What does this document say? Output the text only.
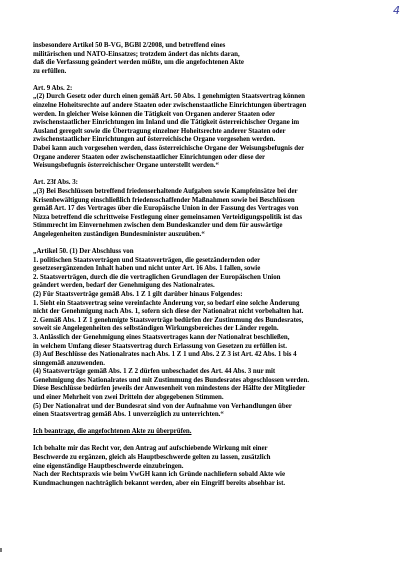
4
insbesondere Artikel 50 B-VG, BGBl 2/2008, und betreffend eines
militärischen und NATO-Einsatzes; trotzdem ändert das nichts daran,
daß die Verfassung geändert werden müßte, um die angefochtenen Akte
zu erfüllen.
Art. 9 Abs. 2:
„(2) Durch Gesetz oder durch einen gemäß Art. 50 Abs. 1 genehmigten Staatsvertrag können
einzelne Hoheitsrechte auf andere Staaten oder zwischenstaatliche Einrichtungen übertragen
werden. In gleicher Weise können die Tätigkeit von Organen anderer Staaten oder
zwischenstaatlicher Einrichtungen im Inland und die Tätigkeit österreichischer Organe im
Ausland geregelt sowie die Übertragung einzelner Hoheitsrechte anderer Staaten oder
zwischenstaatlicher Einrichtungen auf österreichische Organe vorgesehen werden.
Dabei kann auch vorgesehen werden, dass österreichische Organe der Weisungsbefugnis der
Organe anderer Staaten oder zwischenstaatlicher Einrichtungen oder diese der
Weisungsbefugnis österreichischer Organe unterstellt werden.“
Art. 23f Abs. 3:
„(3) Bei Beschlüssen betreffend friedenserhaltende Aufgaben sowie Kampfeinsätze bei der
Krisenbewältigung einschließlich friedensschaffender Maßnahmen sowie bei Beschlüssen
gemäß Art. 17 des Vertrages über die Europäische Union in der Fassung des Vertrages von
Nizza betreffend die schrittweise Festlegung einer gemeinsamen Verteidigungspolitik ist das
Stimmrecht im Einvernehmen zwischen dem Bundeskanzler und dem für auswärtige
Angelegenheiten zuständigen Bundesminister auszuüben.“
„Artikel 50. (1) Der Abschluss von
1. politischen Staatsverträgen und Staatsverträgen, die gesetzändernden oder
gesetzesergänzenden Inhalt haben und nicht unter Art. 16 Abs. 1 fallen, sowie
2. Staatsverträgen, durch die die vertraglichen Grundlagen der Europäischen Union
geändert werden, bedarf der Genehmigung des Nationalrates.
(2) Für Staatsverträge gemäß Abs. 1 Z 1 gilt darüber hinaus Folgendes:
1. Sieht ein Staatsvertrag seine vereinfachte Änderung vor, so bedarf eine solche Änderung
nicht der Genehmigung nach Abs. 1, sofern sich diese der Nationalrat nicht vorbehalten hat.
2. Gemäß Abs. 1 Z 1 genehmigte Staatsverträge bedürfen der Zustimmung des Bundesrates,
soweit sie Angelegenheiten des selbständigen Wirkungsbereiches der Länder regeln.
3. Anlässlich der Genehmigung eines Staatsvertrages kann der Nationalrat beschließen,
in welchem Umfang dieser Staatsvertrag durch Erlassung von Gesetzen zu erfüllen ist.
(3) Auf Beschlüsse des Nationalrates nach Abs. 1 Z 1 und Abs. 2 Z 3 ist Art. 42 Abs. 1 bis 4
sinngemäß anzuwenden.
(4) Staatsverträge gemäß Abs. 1 Z 2 dürfen unbeschadet des Art. 44 Abs. 3 nur mit
Genehmigung des Nationalrates und mit Zustimmung des Bundesrates abgeschlossen werden.
Diese Beschlüsse bedürfen jeweils der Anwesenheit von mindestens der Hälfte der Mitglieder
und einer Mehrheit von zwei Dritteln der abgegebenen Stimmen.
(5) Der Nationalrat und der Bundesrat sind von der Aufnahme von Verhandlungen über
einen Staatsvertrag gemäß Abs. 1 unverzüglich zu unterrichten.“
Ich beantrage, die angefochtenen Akte zu überprüfen.
Ich behalte mir das Recht vor, den Antrag auf aufschiebende Wirkung mit einer
Beschwerde zu ergänzen, gleich als Hauptbeschwerde gelten zu lassen, zusätzlich
eine eigenständige Hauptbeschwerde einzubringen.
Nach der Rechtspraxis wie beim VwGH kann ich Gründe nachliefern sobald Akte wie
Kundmachungen nachträglich bekannt werden, aber ein Eingriff bereits absehbar ist.
